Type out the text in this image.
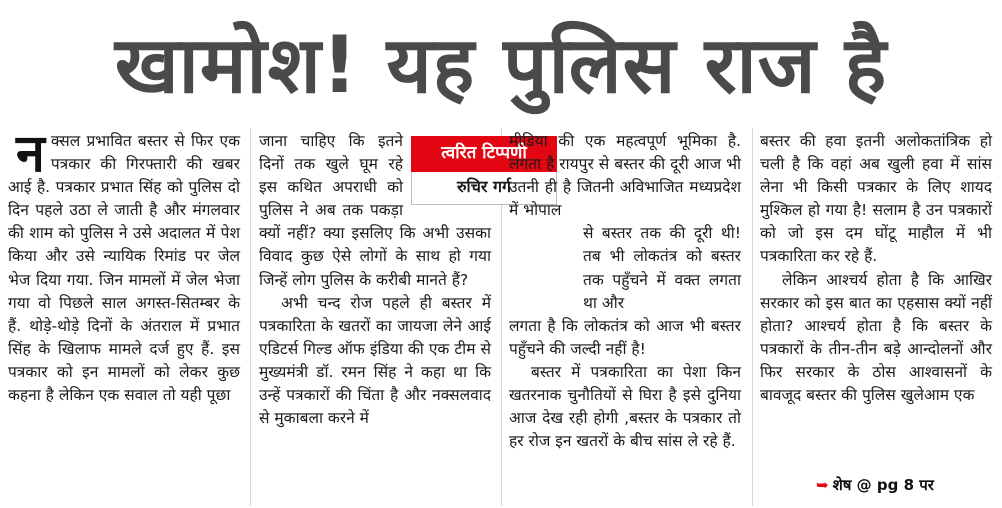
खामोश! यह पुलिस राज है

नक्सल प्रभावित बस्तर से फिर एक पत्रकार की गिरफ्तारी की खबर आई है. पत्रकार प्रभात सिंह को पुलिस दो दिन पहले उठा ले जाती है और मंगलवार की शाम को पुलिस ने उसे अदालत में पेश किया और उसे न्यायिक रिमांड पर जेल भेज दिया गया. जिन मामलों में जेल भेजा गया वो पिछले साल अगस्त-सितम्बर के हैं. थोड़े-थोड़े दिनों के अंतराल में प्रभात सिंह के खिलाफ मामले दर्ज हुए हैं. इस पत्रकार को इन मामलों को लेकर कुछ कहना है लेकिन एक सवाल तो यही पूछा

त्वरित टिप्पणी
रुचिर गर्ग

जाना चाहिए कि इतने दिनों तक खुले घूम रहे इस कथित अपराधी को पुलिस ने अब तक पकड़ा क्यों नहीं? क्या इसलिए कि अभी उसका विवाद कुछ ऐसे लोगों के साथ हो गया जिन्हें लोग पुलिस के करीबी मानते हैं?

अभी चन्द रोज पहले ही बस्तर में पत्रकारिता के खतरों का जायजा लेने आई एडिटर्स गिल्ड ऑफ इंडिया की एक टीम से मुख्यमंत्री डॉ. रमन सिंह ने कहा था कि उन्हें पत्रकारों की चिंता है और नक्सलवाद से मुकाबला करने में

मीडिया की एक महत्वपूर्ण भूमिका है. लगता है रायपुर से बस्तर की दूरी आज भी उतनी ही है जितनी अविभाजित मध्यप्रदेश में भोपाल

से बस्तर तक की दूरी थी! तब भी लोकतंत्र को बस्तर तक पहुँचने में वक्त लगता था और

लगता है कि लोकतंत्र को आज भी बस्तर पहुँचने की जल्दी नहीं है!

बस्तर में पत्रकारिता का पेशा किन खतरनाक चुनौतियों से घिरा है इसे दुनिया आज देख रही होगी ,बस्तर के पत्रकार तो हर रोज इन खतरों के बीच सांस ले रहे हैं.

बस्तर की हवा इतनी अलोकतांत्रिक हो चली है कि वहां अब खुली हवा में सांस लेना भी किसी पत्रकार के लिए शायद मुश्किल हो गया है! सलाम है उन पत्रकारों को जो इस दम घोंटू माहौल में भी पत्रकारिता कर रहे हैं.

लेकिन आश्चर्य होता है कि आखिर सरकार को इस बात का एहसास क्यों नहीं होता? आश्चर्य होता है कि बस्तर के पत्रकारों के तीन-तीन बड़े आन्दोलनों और फिर सरकार के ठोस आश्वासनों के बावजूद बस्तर की पुलिस खुलेआम एक

➥ शेष @ pg 8 पर
